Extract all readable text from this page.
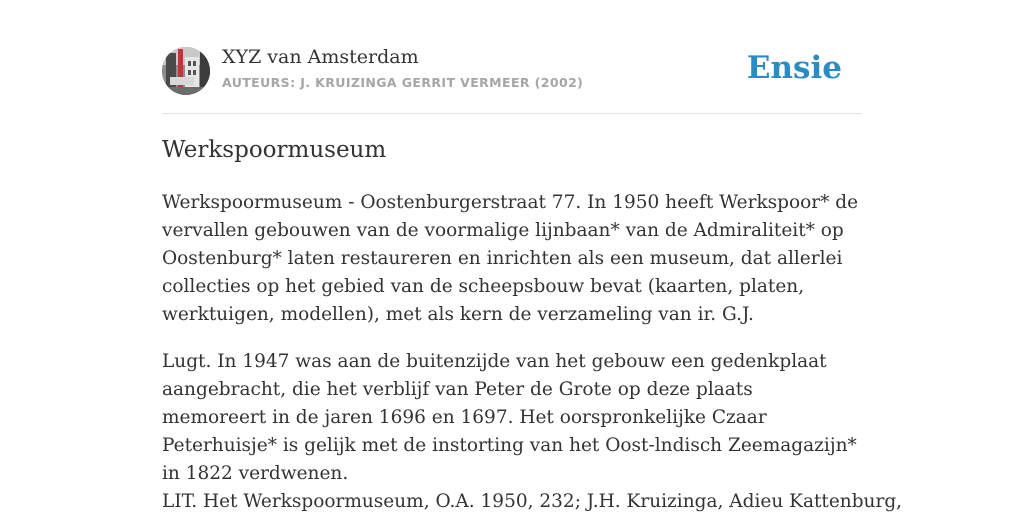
XYZ van Amsterdam
AUTEURS: J. KRUIZINGA GERRIT VERMEER (2002)	Ensie
Werkspoormuseum

Werkspoormuseum - Oostenburgerstraat 77. In 1950 heeft Werkspoor* de vervallen gebouwen van de voormalige lijnbaan* van de Admiraliteit* op Oostenburg* laten restaureren en inrichten als een museum, dat allerlei collecties op het gebied van de scheepsbouw bevat (kaarten, platen, werktuigen, modellen), met als kern de verzameling van ir. G.J.

Lugt. In 1947 was aan de buitenzijde van het gebouw een gedenkplaat aangebracht, die het verblijf van Peter de Grote op deze plaats memoreert in de jaren 1696 en 1697. Het oorspronkelijke Czaar Peterhuisje* is gelijk met de instorting van het Oost-lndisch Zeemagazijn* in 1822 verdwenen.

LIT. Het Werkspoormuseum, O.A. 1950, 232; J.H. Kruizinga, Adieu Kattenburg,
